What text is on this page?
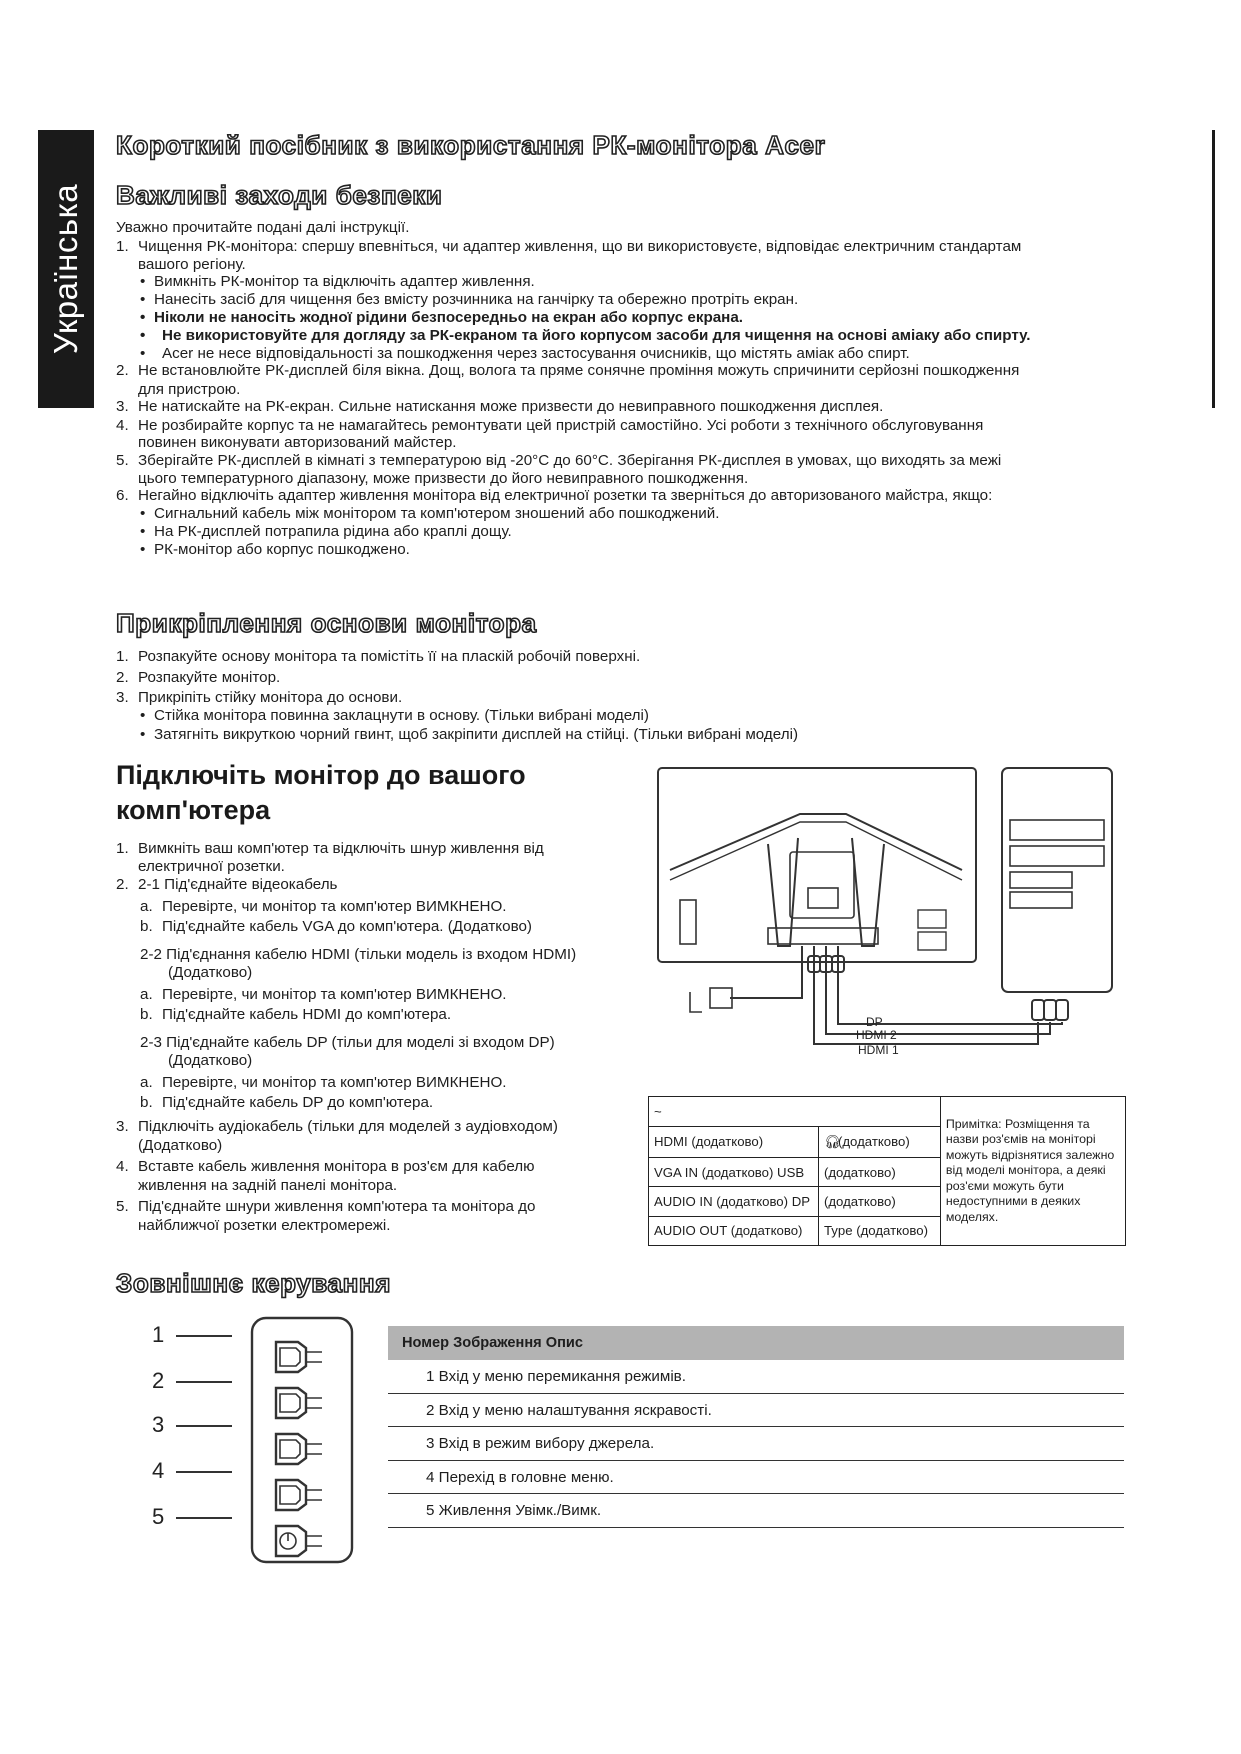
Українська
Короткий посібник з використання РК-монітора Acer
Важливі заходи безпеки
Уважно прочитайте подані далі інструкції.
1. Чищення РК-монітора: спершу впевніться, чи адаптер живлення, що ви використовуєте, відповідає електричним стандартам
вашого регіону.
• Вимкніть РК-монітор та відключіть адаптер живлення.
• Нанесіть засіб для чищення без вмісту розчинника на ганчірку та обережно протріть екран.
• Ніколи не наносіть жодної рідини безпосередньо на екран або корпус екрана.
• Не використовуйте для догляду за РК-екраном та його корпусом засоби для чищення на основі аміаку або спирту.
• Acer не несе відповідальності за пошкодження через застосування очисників, що містять аміак або спирт.
2. Не встановлюйте РК-дисплей біля вікна. Дощ, волога та пряме сонячне проміння можуть спричинити серйозні пошкодження
для пристрою.
3. Не натискайте на РК-екран. Сильне натискання може призвести до невиправного пошкодження дисплея.
4. Не розбирайте корпус та не намагайтесь ремонтувати цей пристрій самостійно. Усі роботи з технічного обслуговування
повинен виконувати авторизований майстер.
5. Зберігайте РК-дисплей в кімнаті з температурою від -20°C до 60°C. Зберігання РК-дисплея в умовах, що виходять за межі
цього температурного діапазону, може призвести до його невиправного пошкодження.
6. Негайно відключіть адаптер живлення монітора від електричної розетки та зверніться до авторизованого майстра, якщо:
• Сигнальний кабель між монітором та комп'ютером зношений або пошкоджений.
• На РК-дисплей потрапила рідина або краплі дощу.
• РК-монітор або корпус пошкоджено.
Прикріплення основи монітора
1. Розпакуйте основу монітора та помістіть її на пласкій робочій поверхні.
2. Розпакуйте монітор.
3. Прикріпіть стійку монітора до основи.
• Стійка монітора повинна заклацнути в основу. (Тільки вибрані моделі)
• Затягніть викруткою чорний гвинт, щоб закріпити дисплей на стійці. (Тільки вибрані моделі)
Підключіть монітор до вашого
комп'ютера
1. Вимкніть ваш комп'ютер та відключіть шнур живлення від
електричної розетки.
2. 2-1 Під'єднайте відеокабель
a. Перевірте, чи монітор та комп'ютер ВИМКНЕНО.
b. Під'єднайте кабель VGA до комп'ютера. (Додатково)
2-2 Під'єднання кабелю HDMI (тільки модель із входом HDMI)
(Додатково)
a. Перевірте, чи монітор та комп'ютер ВИМКНЕНО.
b. Під'єднайте кабель HDMI до комп'ютера.
2-3 Під'єднайте кабель DP (тільи для моделі зі входом DP)
(Додатково)
a. Перевірте, чи монітор та комп'ютер ВИМКНЕНО.
b. Під'єднайте кабель DP до комп'ютера.
3. Підключіть аудіокабель (тільки для моделей з аудіовходом)
(Додатково)
4. Вставте кабель живлення монітора в роз'єм для кабелю
живлення на задній панелі монітора.
5. Під'єднайте шнури живлення комп'ютера та монітора до
найближчої розетки електромережі.
DP
HDMI 2
HDMI 1
~		Примітка: Розміщення та назви роз'ємів на моніторі можуть відрізнятися залежно від моделі монітора, а деякі роз'єми можуть бути недоступними в деяких моделях.
HDMI (додатково)	🎧︎(додатково)	
VGA IN (додатково) USB	(додатково)	
AUDIO IN (додатково) DP	(додатково)	
AUDIO OUT (додатково)	Type (додатково)	
Зовнішнє керування
1
2
3
4
5
Номер Зображення Опис
1 Вхід у меню перемикання режимів.
2 Вхід у меню налаштування яскравості.
3 Вхід в режим вибору джерела.
4 Перехід в головне меню.
5 Живлення Увімк./Вимк.
